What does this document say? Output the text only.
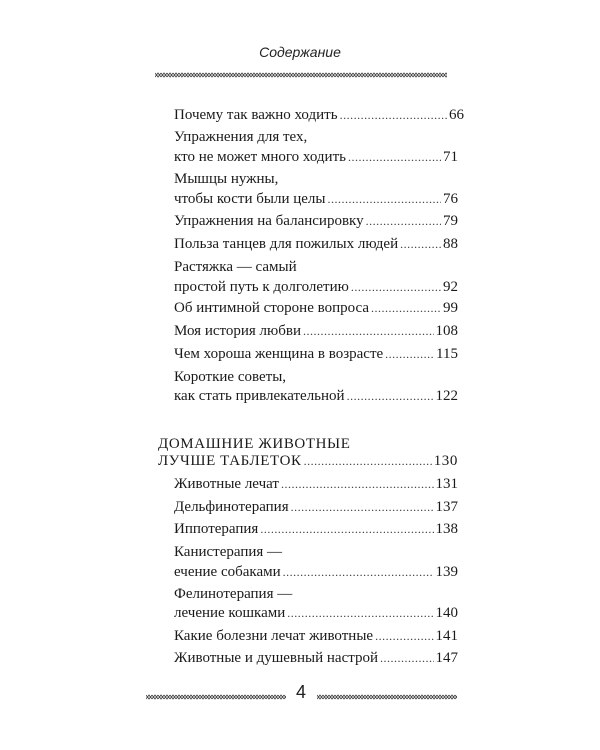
Содержание
Почему так важно ходить .....	66
Упражнения для тех,
кто не может много ходить .....	71
Мышцы нужны,
чтобы кости были целы .....	76
Упражнения на балансировку .....	79
Польза танцев для пожилых людей .....	88
Растяжка — самый
простой путь к долголетию .....	92
Об интимной стороне вопроса .....	99
Моя история любви .....	108
Чем хороша женщина в возрасте .....	115
Короткие советы,
как стать привлекательной .....	122
ДОМАШНИЕ ЖИВОТНЫЕ
ЛУЧШЕ ТАБЛЕТОК .....	130
Животные лечат .....	131
Дельфинотерапия .....	137
Иппотерапия .....	138
Канистерапия —
ечение собаками .....	139
Фелинотерапия —
лечение кошками .....	140
Какие болезни лечат животные .....	141
Животные и душевный настрой .....	147
4
